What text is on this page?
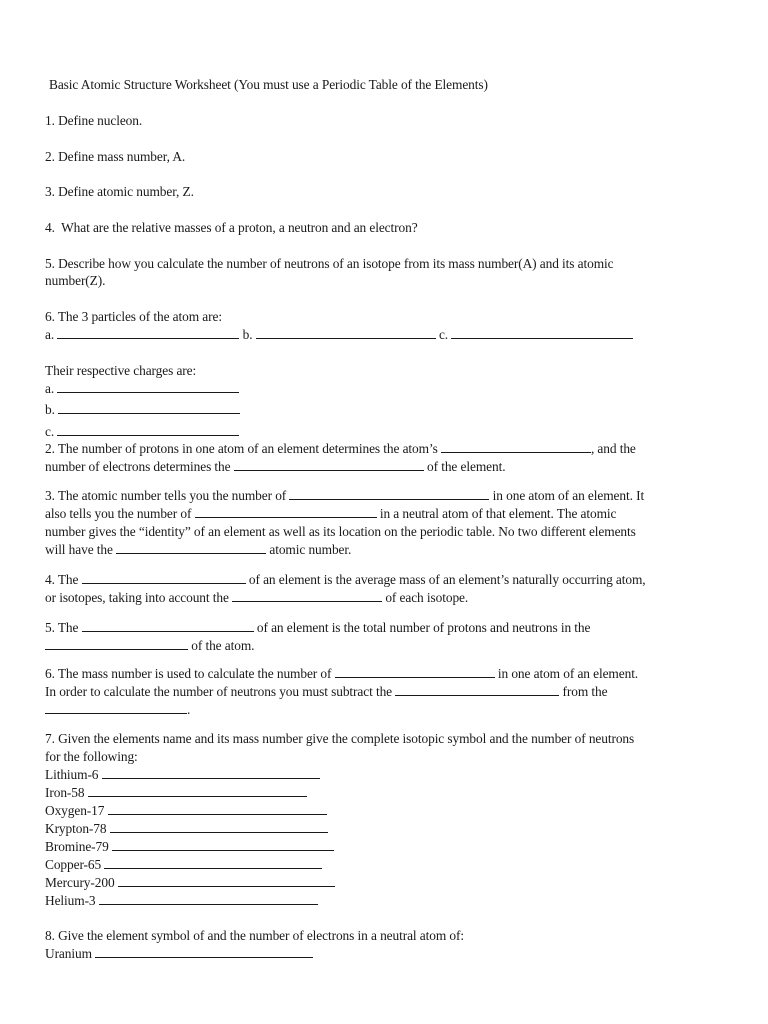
Basic Atomic Structure Worksheet (You must use a Periodic Table of the Elements)
1. Define nucleon.
2. Define mass number, A.
3. Define atomic number, Z.
4.  What are the relative masses of a proton, a neutron and an electron?
5. Describe how you calculate the number of neutrons of an isotope from its mass number(A) and its atomic
number(Z).
6. The 3 particles of the atom are:
a.	b.	c.
Their respective charges are:
a.
b.
c.
2. The number of protons in one atom of an element determines the atom’s	, and the
number of electrons determines the	of the element.
3. The atomic number tells you the number of	in one atom of an element. It
also tells you the number of	in a neutral atom of that element. The atomic
number gives the “identity” of an element as well as its location on the periodic table. No two different elements
will have the	atomic number.
4. The	of an element is the average mass of an element’s naturally occurring atom,
or isotopes, taking into account the	of each isotope.
5. The	of an element is the total number of protons and neutrons in the
of the atom.
6. The mass number is used to calculate the number of	in one atom of an element.
In order to calculate the number of neutrons you must subtract the	from the
.
7. Given the elements name and its mass number give the complete isotopic symbol and the number of neutrons
for the following:
Lithium-6
Iron-58
Oxygen-17
Krypton-78
Bromine-79
Copper-65
Mercury-200
Helium-3
8. Give the element symbol of and the number of electrons in a neutral atom of:
Uranium
